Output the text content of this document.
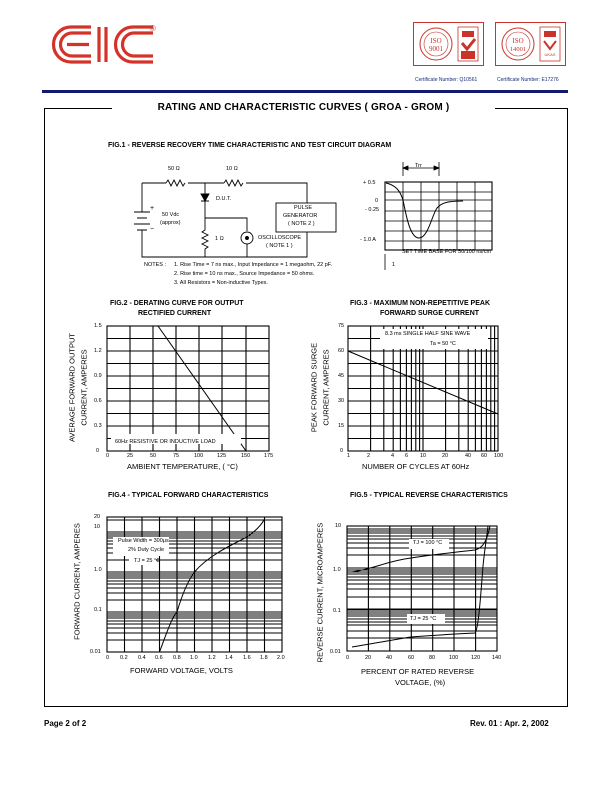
®
ISO
9001
ISO
14001
UKAS
Certificate Number: Q10561	Certificate Number: E17276
RATING AND CHARACTERISTIC CURVES ( GROA - GROM )
FIG.1 - REVERSE RECOVERY TIME CHARACTERISTIC AND TEST CIRCUIT DIAGRAM
50 Ω	10 Ω
D.U.T.
+
−
50 Vdc
(approx)
1 Ω
PULSE
GENERATOR
( NOTE 2 )
OSCILLOSCOPE
( NOTE 1 )
NOTES : 1. Rise Time = 7 ns max., Input Impedance = 1 megaohm, 22 pF.
2. Rise time = 10 ns max., Source Impedance = 50 ohms.
3. All Resistors = Non-inductive Types.
Trr
+ 0.5
0
- 0.25
- 1.0 A
SET TIME BASE FOR 50/100 ns/cm
1
FIG.2 - DERATING CURVE FOR OUTPUT
RECTIFIED CURRENT
60Hz RESISTIVE OR INDUCTIVE LOAD
1.5
1.2
0.9
0.6
0.3
0
0	25	50	75	100	125	150	175
AMBIENT TEMPERATURE, ( °C)
AVERAGE FORWARD OUTPUT CURRENT, AMPERES
FIG.3 - MAXIMUM NON-REPETITIVE PEAK
FORWARD SURGE CURRENT
8.3 ms SINGLE HALF SINE WAVE
Ta = 50 °C
75
60
45
30
15
0
1	2	4 6 10	20	40 60 100
NUMBER OF CYCLES AT 60Hz
PEAK FORWARD SURGE CURRENT, AMPERES
FIG.4 - TYPICAL FORWARD CHARACTERISTICS
Pulse Width = 300μs
2% Duty Cycle
TJ = 25 °C
20
10
1.0
0.1
0.01
0 0.2 0.4 0.6 0.8 1.0 1.2 1.4 1.6 1.8 2.0
FORWARD VOLTAGE, VOLTS
FORWARD CURRENT, AMPERES
FIG.5 - TYPICAL REVERSE CHARACTERISTICS
TJ = 100 °C
TJ = 25 °C
10
1.0
0.1
0.01
0	20	40	60	80	100 120 140
PERCENT OF RATED REVERSE
VOLTAGE, (%)
REVERSE CURRENT, MICROAMPERES
Page 2 of 2	Rev. 01 : Apr. 2, 2002
